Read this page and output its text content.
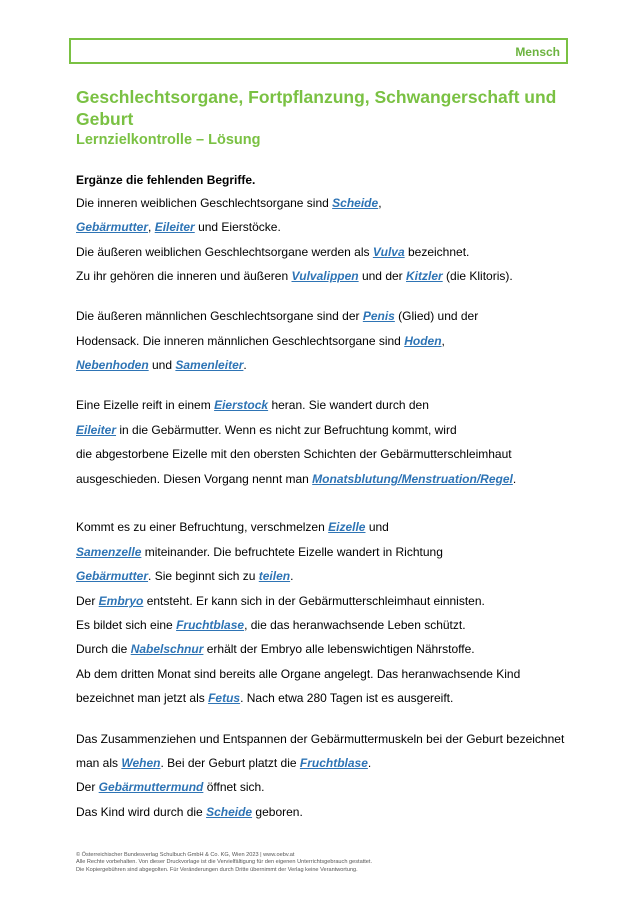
Mensch
Geschlechtsorgane, Fortpflanzung, Schwangerschaft und Geburt
Lernzielkontrolle – Lösung

Ergänze die fehlenden Begriffe.

Die inneren weiblichen Geschlechtsorgane sind Scheide,

Gebärmutter, Eileiter und Eierstöcke.

Die äußeren weiblichen Geschlechtsorgane werden als Vulva bezeichnet.

Zu ihr gehören die inneren und äußeren Vulvalippen und der Kitzler (die Klitoris).

Die äußeren männlichen Geschlechtsorgane sind der Penis (Glied) und der

Hodensack. Die inneren männlichen Geschlechtsorgane sind Hoden,

Nebenhoden und Samenleiter.

Eine Eizelle reift in einem Eierstock heran. Sie wandert durch den

Eileiter in die Gebärmutter. Wenn es nicht zur Befruchtung kommt, wird

die abgestorbene Eizelle mit den obersten Schichten der Gebärmutterschleimhaut

ausgeschieden. Diesen Vorgang nennt man Monatsblutung/Menstruation/Regel.

Kommt es zu einer Befruchtung, verschmelzen Eizelle und

Samenzelle miteinander. Die befruchtete Eizelle wandert in Richtung

Gebärmutter. Sie beginnt sich zu teilen.

Der Embryo entsteht. Er kann sich in der Gebärmutterschleimhaut einnisten.

Es bildet sich eine Fruchtblase, die das heranwachsende Leben schützt.

Durch die Nabelschnur erhält der Embryo alle lebenswichtigen Nährstoffe.

Ab dem dritten Monat sind bereits alle Organe angelegt. Das heranwachsende Kind

bezeichnet man jetzt als Fetus. Nach etwa 280 Tagen ist es ausgereift.

Das Zusammenziehen und Entspannen der Gebärmuttermuskeln bei der Geburt bezeichnet

man als Wehen. Bei der Geburt platzt die Fruchtblase.

Der Gebärmuttermund öffnet sich.

Das Kind wird durch die Scheide geboren.

© Österreichischer Bundesverlag Schulbuch GmbH & Co. KG, Wien 2023 | www.oebv.at
Alle Rechte vorbehalten. Von dieser Druckvorlage ist die Vervielfältigung für den eigenen Unterrichtsgebrauch gestattet.
Die Kopiergebühren sind abgegolten. Für Veränderungen durch Dritte übernimmt der Verlag keine Verantwortung.
